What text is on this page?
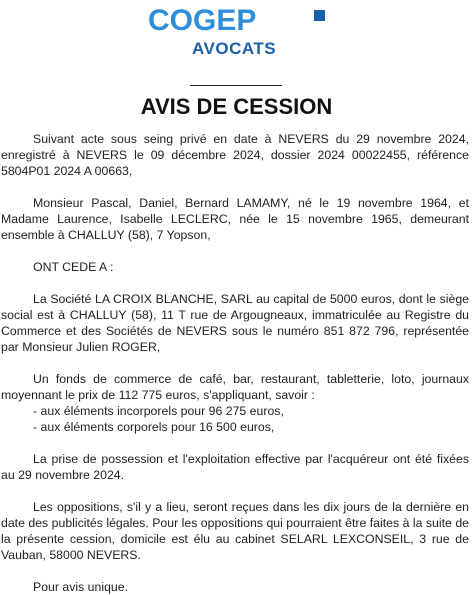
COGEP
AVOCATS
AVIS DE CESSION

Suivant acte sous seing privé en date à NEVERS du 29 novembre 2024, enregistré à NEVERS le 09 décembre 2024, dossier 2024 00022455, référence 5804P01 2024 A 00663,

Monsieur Pascal, Daniel, Bernard LAMAMY, né le 19 novembre 1964, et Madame Laurence, Isabelle LECLERC, née le 15 novembre 1965, demeurant ensemble à CHALLUY (58), 7 Yopson,

ONT CEDE A :

La Société LA CROIX BLANCHE, SARL au capital de 5000 euros, dont le siège social est à CHALLUY (58), 11 T rue de Argougneaux, immatriculée au Registre du Commerce et des Sociétés de NEVERS sous le numéro 851 872 796, représentée par Monsieur Julien ROGER,

Un fonds de commerce de café, bar, restaurant, tabletterie, loto, journaux moyennant le prix de 112 775 euros, s'appliquant, savoir :

- aux éléments incorporels pour 96 275 euros,
- aux éléments corporels pour 16 500 euros,

La prise de possession et l'exploitation effective par l'acquéreur ont été fixées au 29 novembre 2024.

Les oppositions, s'il y a lieu, seront reçues dans les dix jours de la dernière en date des publicités légales. Pour les oppositions qui pourraient être faites à la suite de la présente cession, domicile est élu au cabinet SELARL LEXCONSEIL, 3 rue de Vauban, 58000 NEVERS.

Pour avis unique.
